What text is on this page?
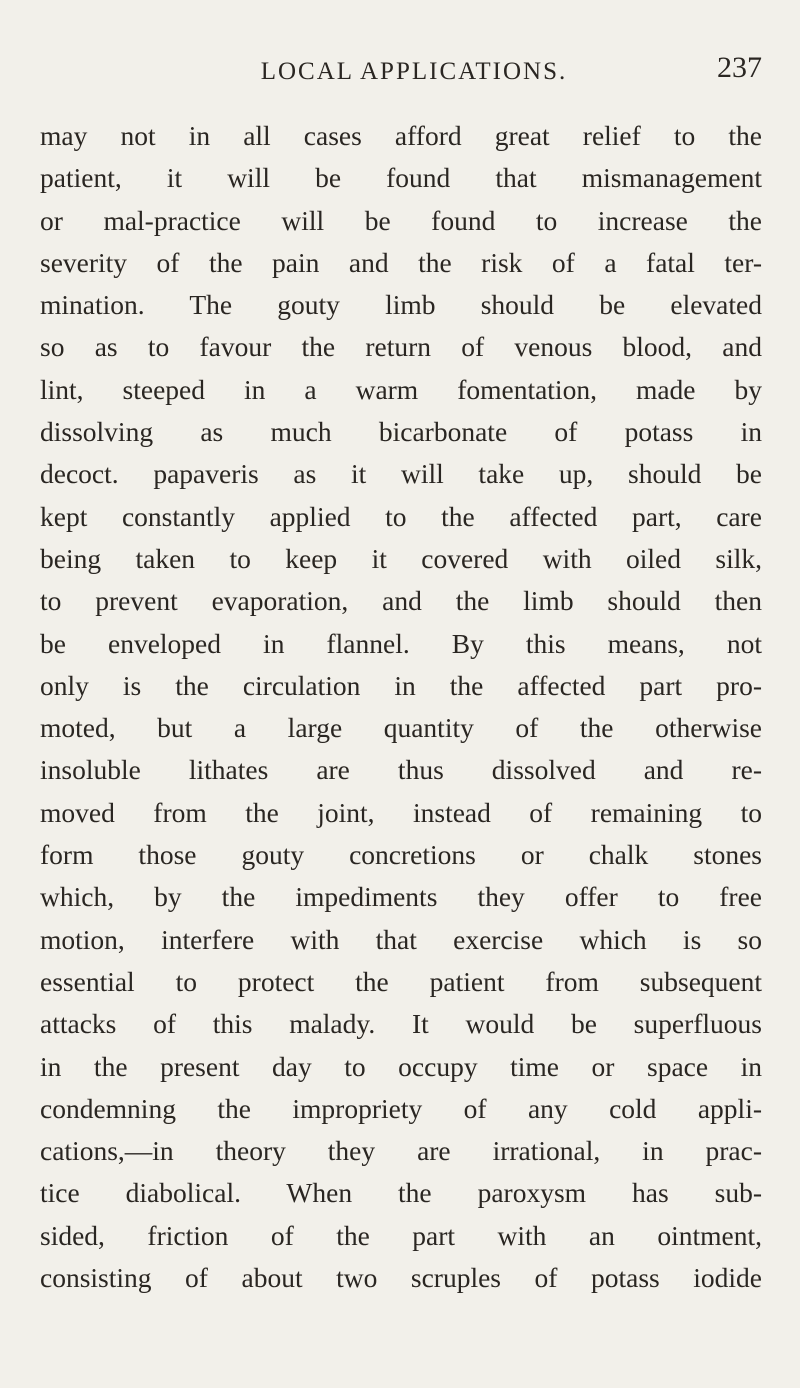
LOCAL APPLICATIONS.	237
may not in all cases afford great relief to the
patient, it will be found that mismanagement
or mal-practice will be found to increase the
severity of the pain and the risk of a fatal ter-
mination. The gouty limb should be elevated
so as to favour the return of venous blood, and
lint, steeped in a warm fomentation, made by
dissolving as much bicarbonate of potass in
decoct. papaveris as it will take up, should be
kept constantly applied to the affected part, care
being taken to keep it covered with oiled silk,
to prevent evaporation, and the limb should then
be enveloped in flannel. By this means, not
only is the circulation in the affected part pro-
moted, but a large quantity of the otherwise
insoluble lithates are thus dissolved and re-
moved from the joint, instead of remaining to
form those gouty concretions or chalk stones
which, by the impediments they offer to free
motion, interfere with that exercise which is so
essential to protect the patient from subsequent
attacks of this malady. It would be superfluous
in the present day to occupy time or space in
condemning the impropriety of any cold appli-
cations,—in theory they are irrational, in prac-
tice diabolical. When the paroxysm has sub-
sided, friction of the part with an ointment,
consisting of about two scruples of potass iodide
